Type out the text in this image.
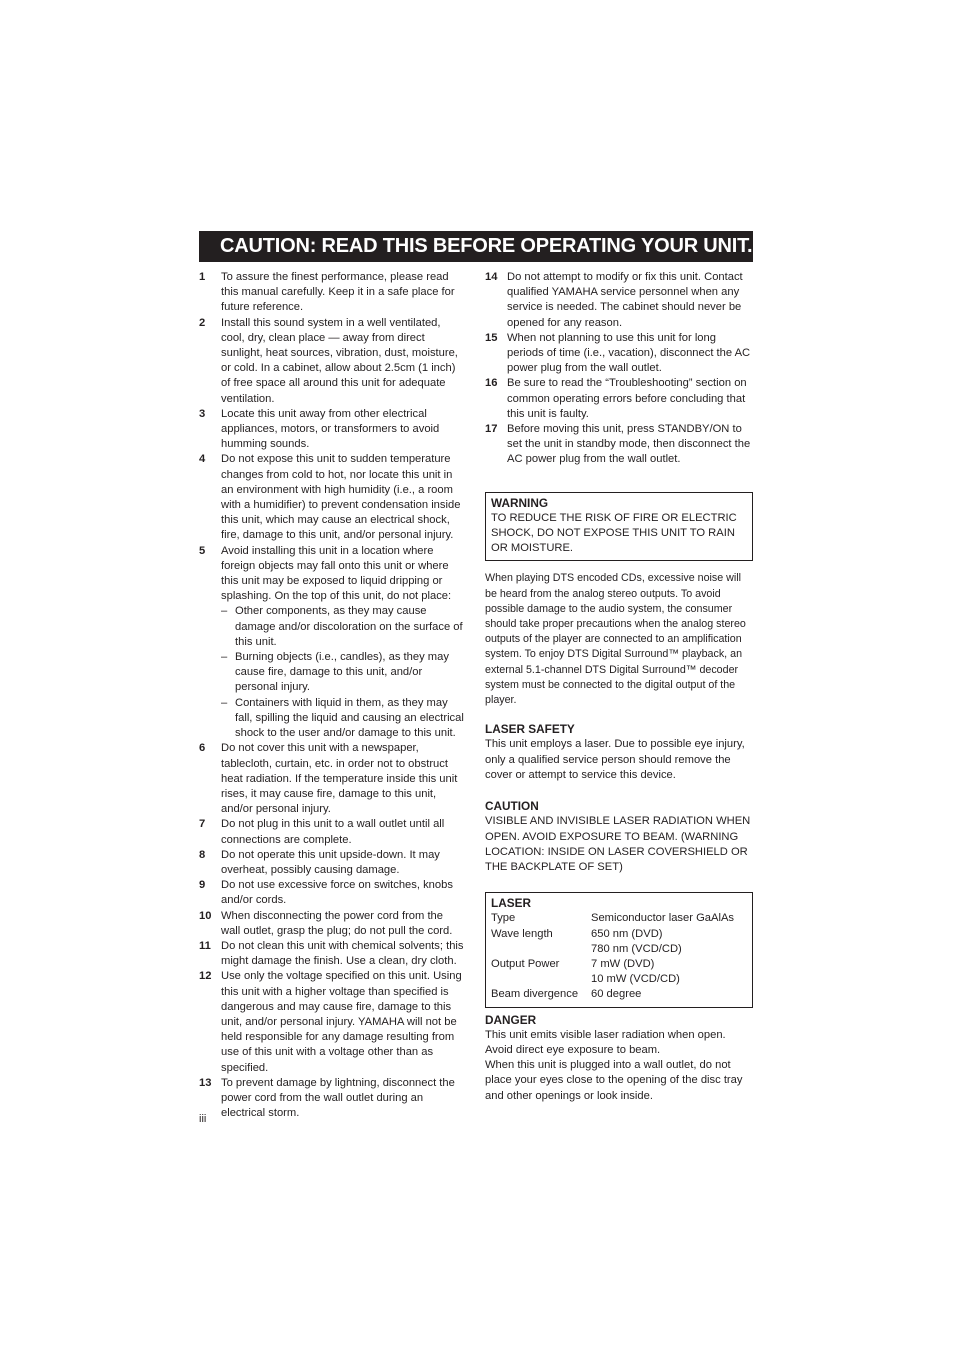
CAUTION: READ THIS BEFORE OPERATING YOUR UNIT.
1	To assure the finest performance, please read this manual carefully. Keep it in a safe place for future reference.
2	Install this sound system in a well ventilated, cool, dry, clean place — away from direct sunlight, heat sources, vibration, dust, moisture, or cold. In a cabinet, allow about 2.5cm (1 inch) of free space all around this unit for adequate ventilation.
3	Locate this unit away from other electrical appliances, motors, or transformers to avoid humming sounds.
4	Do not expose this unit to sudden temperature changes from cold to hot, nor locate this unit in an environment with high humidity (i.e., a room with a humidifier) to prevent condensation inside this unit, which may cause an electrical shock, fire, damage to this unit, and/or personal injury.
5	Avoid installing this unit in a location where foreign objects may fall onto this unit or where this unit may be exposed to liquid dripping or splashing. On the top of this unit, do not place:
– Other components, as they may cause damage and/or discoloration on the surface of this unit.
– Burning objects (i.e., candles), as they may cause fire, damage to this unit, and/or personal injury.
– Containers with liquid in them, as they may fall, spilling the liquid and causing an electrical shock to the user and/or damage to this unit.
6	Do not cover this unit with a newspaper, tablecloth, curtain, etc. in order not to obstruct heat radiation. If the temperature inside this unit rises, it may cause fire, damage to this unit, and/or personal injury.
7	Do not plug in this unit to a wall outlet until all connections are complete.
8	Do not operate this unit upside-down. It may overheat, possibly causing damage.
9	Do not use excessive force on switches, knobs and/or cords.
10 When disconnecting the power cord from the wall outlet, grasp the plug; do not pull the cord.
11 Do not clean this unit with chemical solvents; this might damage the finish. Use a clean, dry cloth.
12 Use only the voltage specified on this unit. Using this unit with a higher voltage than specified is dangerous and may cause fire, damage to this unit, and/or personal injury. YAMAHA will not be held responsible for any damage resulting from use of this unit with a voltage other than as specified.
13 To prevent damage by lightning, disconnect the power cord from the wall outlet during an electrical storm.
14 Do not attempt to modify or fix this unit. Contact qualified YAMAHA service personnel when any service is needed. The cabinet should never be opened for any reason.
15 When not planning to use this unit for long periods of time (i.e., vacation), disconnect the AC power plug from the wall outlet.
16 Be sure to read the “Troubleshooting” section on common operating errors before concluding that this unit is faulty.
17 Before moving this unit, press STANDBY/ON to set the unit in standby mode, then disconnect the AC power plug from the wall outlet.
WARNING
TO REDUCE THE RISK OF FIRE OR ELECTRIC SHOCK, DO NOT EXPOSE THIS UNIT TO RAIN OR MOISTURE.
When playing DTS encoded CDs, excessive noise will be heard from the analog stereo outputs. To avoid possible damage to the audio system, the consumer should take proper precautions when the analog stereo outputs of the player are connected to an amplification system. To enjoy DTS Digital Surround™ playback, an external 5.1-channel DTS Digital Surround™ decoder system must be connected to the digital output of the player.
LASER SAFETY
This unit employs a laser. Due to possible eye injury, only a qualified service person should remove the cover or attempt to service this device.
CAUTION
VISIBLE AND INVISIBLE LASER RADIATION WHEN OPEN. AVOID EXPOSURE TO BEAM. (WARNING LOCATION: INSIDE ON LASER COVERSHIELD OR THE BACKPLATE OF SET)
LASER
Type	Semiconductor laser GaAlAs
Wave length	650 nm (DVD)
780 nm (VCD/CD)
Output Power	7 mW (DVD)
10 mW (VCD/CD)
Beam divergence	60 degree
DANGER
This unit emits visible laser radiation when open. Avoid direct eye exposure to beam.
When this unit is plugged into a wall outlet, do not place your eyes close to the opening of the disc tray and other openings or look inside.
iii
